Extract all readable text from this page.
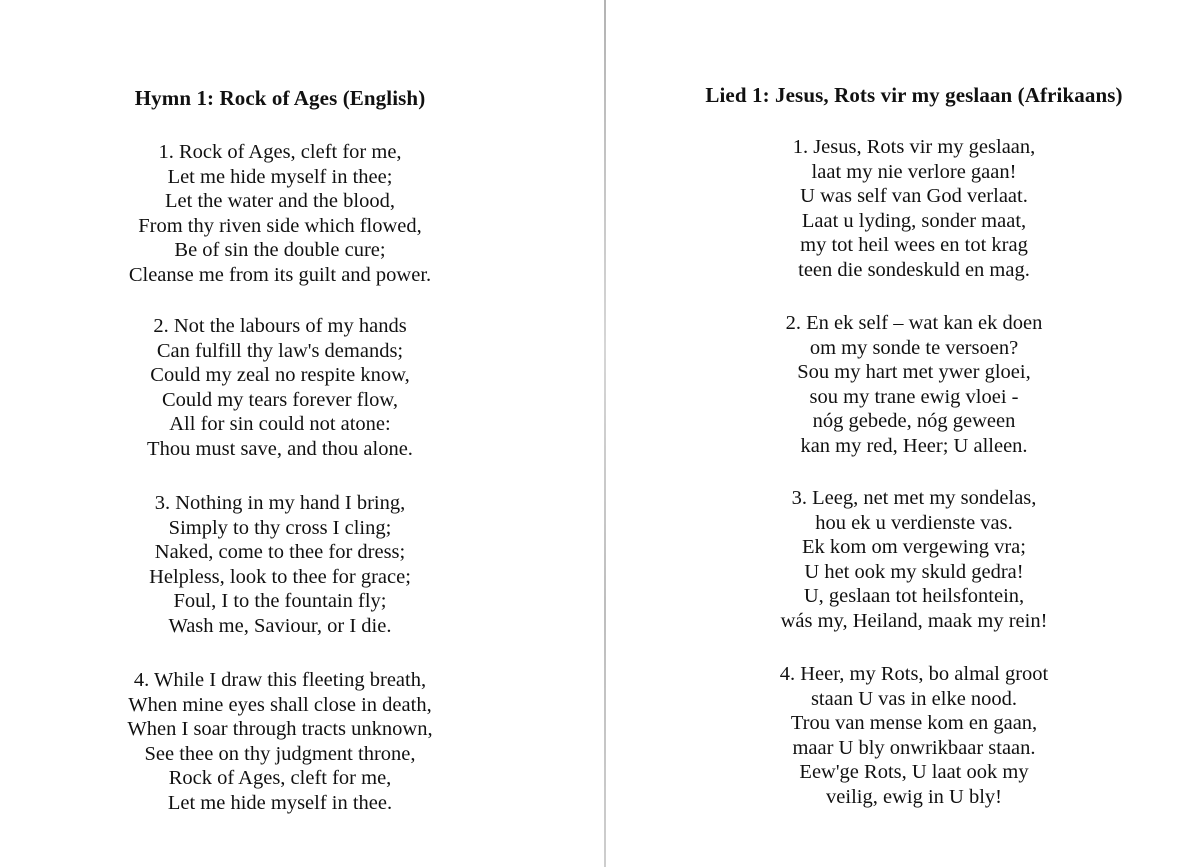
Hymn 1: Rock of Ages (English)
1. Rock of Ages, cleft for me,
Let me hide myself in thee;
Let the water and the blood,
From thy riven side which flowed,
Be of sin the double cure;
Cleanse me from its guilt and power.
2. Not the labours of my hands
Can fulfill thy law's demands;
Could my zeal no respite know,
Could my tears forever flow,
All for sin could not atone:
Thou must save, and thou alone.
3. Nothing in my hand I bring,
Simply to thy cross I cling;
Naked, come to thee for dress;
Helpless, look to thee for grace;
Foul, I to the fountain fly;
Wash me, Saviour, or I die.
4. While I draw this fleeting breath,
When mine eyes shall close in death,
When I soar through tracts unknown,
See thee on thy judgment throne,
Rock of Ages, cleft for me,
Let me hide myself in thee.
Lied 1: Jesus, Rots vir my geslaan (Afrikaans)
1. Jesus, Rots vir my geslaan,
laat my nie verlore gaan!
U was self van God verlaat.
Laat u lyding, sonder maat,
my tot heil wees en tot krag
teen die sondeskuld en mag.
2. En ek self – wat kan ek doen
om my sonde te versoen?
Sou my hart met ywer gloei,
sou my trane ewig vloei -
nóg gebede, nóg geween
kan my red, Heer; U alleen.
3. Leeg, net met my sondelas,
hou ek u verdienste vas.
Ek kom om vergewing vra;
U het ook my skuld gedra!
U, geslaan tot heilsfontein,
wás my, Heiland, maak my rein!
4. Heer, my Rots, bo almal groot
staan U vas in elke nood.
Trou van mense kom en gaan,
maar U bly onwrikbaar staan.
Eew'ge Rots, U laat ook my
veilig, ewig in U bly!
